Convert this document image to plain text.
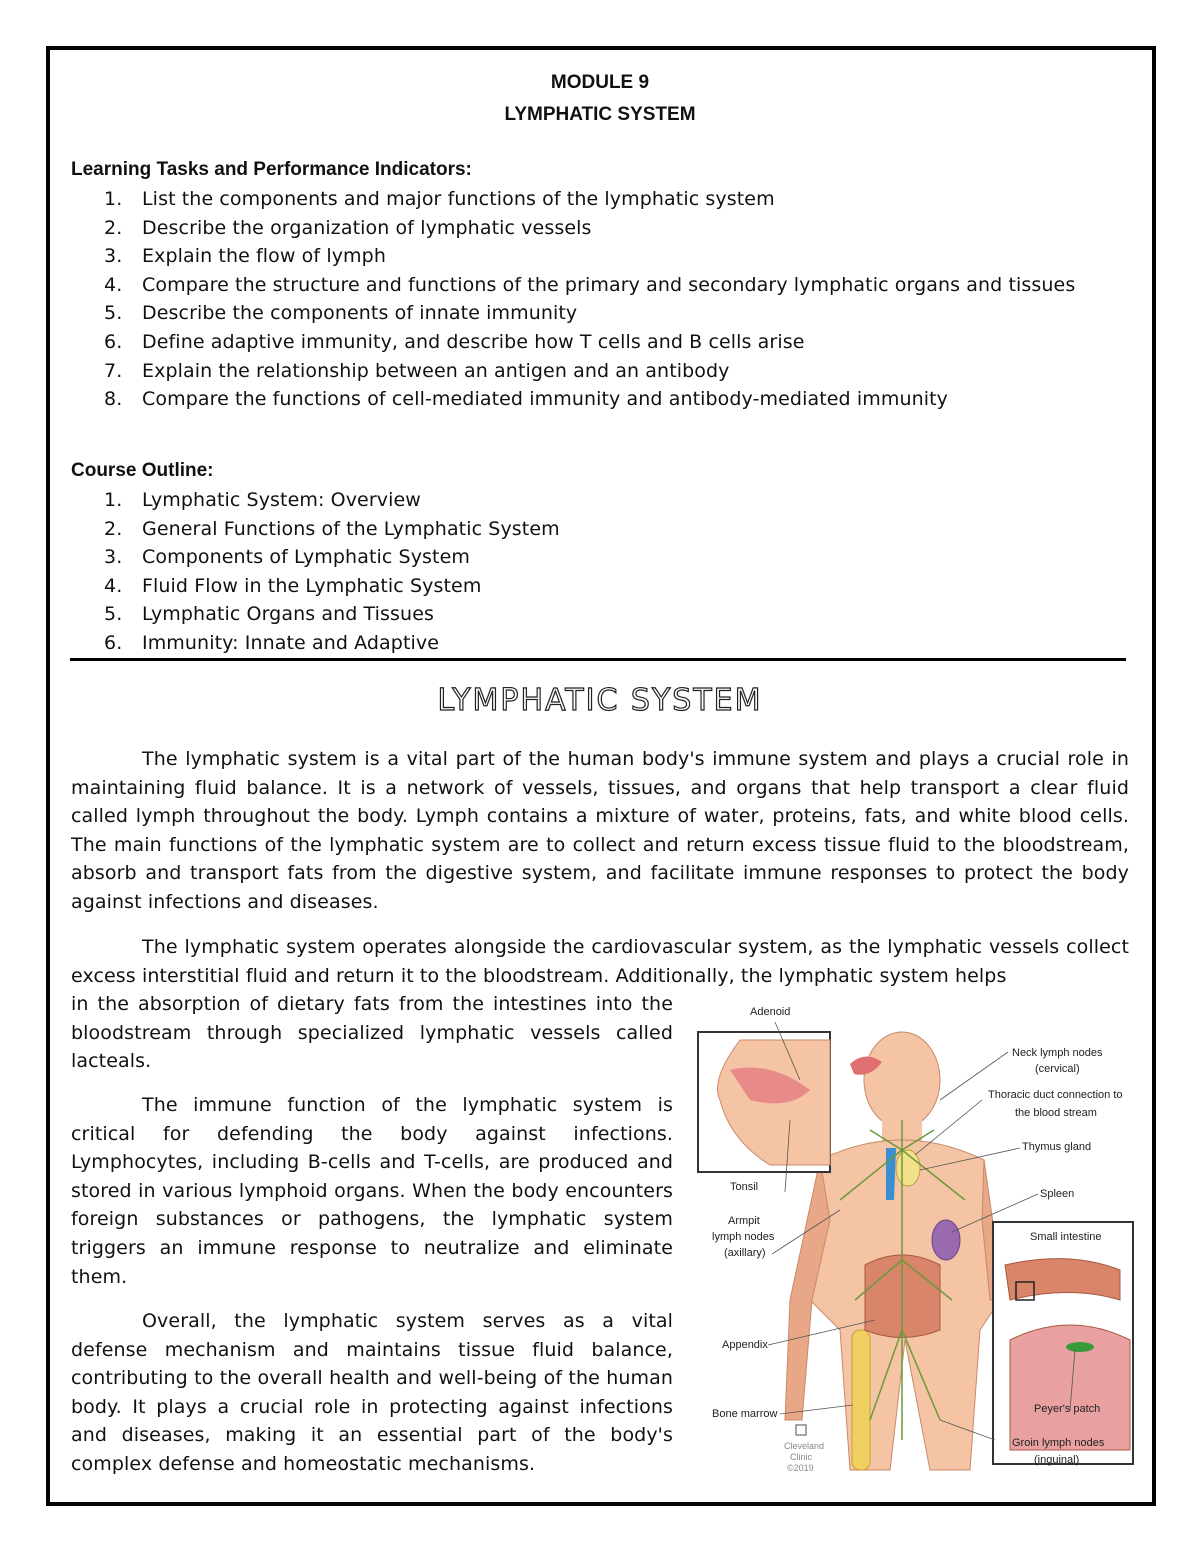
MODULE 9
LYMPHATIC SYSTEM
Learning Tasks and Performance Indicators:
1. List the components and major functions of the lymphatic system
2. Describe the organization of lymphatic vessels
3. Explain the flow of lymph
4. Compare the structure and functions of the primary and secondary lymphatic organs and tissues
5. Describe the components of innate immunity
6. Define adaptive immunity, and describe how T cells and B cells arise
7. Explain the relationship between an antigen and an antibody
8. Compare the functions of cell-mediated immunity and antibody-mediated immunity
Course Outline:
1. Lymphatic System: Overview
2. General Functions of the Lymphatic System
3. Components of Lymphatic System
4. Fluid Flow in the Lymphatic System
5. Lymphatic Organs and Tissues
6. Immunity: Innate and Adaptive
LYMPHATIC SYSTEM

The lymphatic system is a vital part of the human body's immune system and plays a crucial role in maintaining fluid balance. It is a network of vessels, tissues, and organs that help transport a clear fluid called lymph throughout the body. Lymph contains a mixture of water, proteins, fats, and white blood cells. The main functions of the lymphatic system are to collect and return excess tissue fluid to the bloodstream, absorb and transport fats from the digestive system, and facilitate immune responses to protect the body against infections and diseases.

The lymphatic system operates alongside the cardiovascular system, as the lymphatic vessels collect excess interstitial fluid and return it to the bloodstream. Additionally, the lymphatic system helps

in the absorption of dietary fats from the intestines into the bloodstream through specialized lymphatic vessels called lacteals.

The immune function of the lymphatic system is critical for defending the body against infections. Lymphocytes, including B-cells and T-cells, are produced and stored in various lymphoid organs. When the body encounters foreign substances or pathogens, the lymphatic system triggers an immune response to neutralize and eliminate them.

Overall, the lymphatic system serves as a vital defense mechanism and maintains tissue fluid balance, contributing to the overall health and well-being of the human body. It plays a crucial role in protecting against infections and diseases, making it an essential part of the body's complex defense and homeostatic mechanisms.

Adenoid
Neck lymph nodes
(cervical)
Thoracic duct connection to
the blood stream
Thymus gland
Tonsil
Spleen
Armpit
lymph nodes
(axillary)
Small intestine
Appendix
Peyer's patch
Bone marrow
Groin lymph nodes
(inguinal)
Cleveland
Clinic
©2019
